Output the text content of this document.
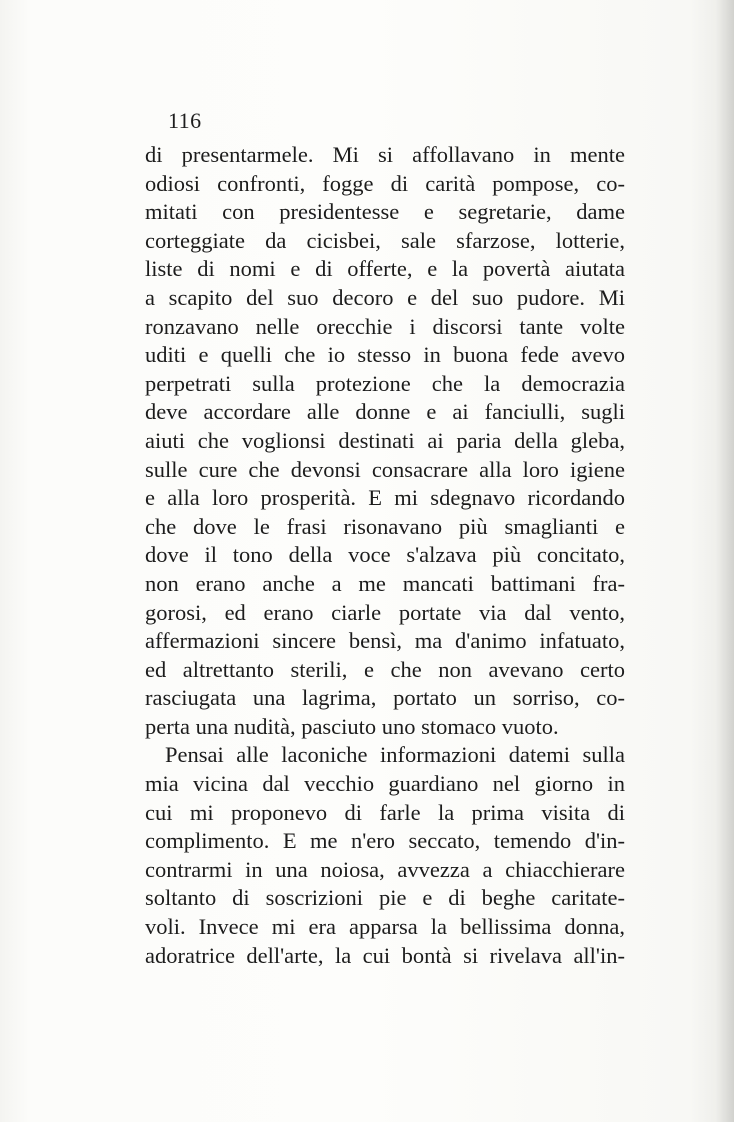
116
di presentarmele. Mi si affollavano in mente
odiosi confronti, fogge di carità pompose, co-
mitati con presidentesse e segretarie, dame
corteggiate da cicisbei, sale sfarzose, lotterie,
liste di nomi e di offerte, e la povertà aiutata
a scapito del suo decoro e del suo pudore. Mi
ronzavano nelle orecchie i discorsi tante volte
uditi e quelli che io stesso in buona fede avevo
perpetrati sulla protezione che la democrazia
deve accordare alle donne e ai fanciulli, sugli
aiuti che voglionsi destinati ai paria della gleba,
sulle cure che devonsi consacrare alla loro igiene
e alla loro prosperità. E mi sdegnavo ricordando
che dove le frasi risonavano più smaglianti e
dove il tono della voce s'alzava più concitato,
non erano anche a me mancati battimani fra-
gorosi, ed erano ciarle portate via dal vento,
affermazioni sincere bensì, ma d'animo infatuato,
ed altrettanto sterili, e che non avevano certo
rasciugata una lagrima, portato un sorriso, co-
perta una nudità, pasciuto uno stomaco vuoto.
Pensai alle laconiche informazioni datemi sulla
mia vicina dal vecchio guardiano nel giorno in
cui mi proponevo di farle la prima visita di
complimento. E me n'ero seccato, temendo d'in-
contrarmi in una noiosa, avvezza a chiacchierare
soltanto di soscrizioni pie e di beghe caritate-
voli. Invece mi era apparsa la bellissima donna,
adoratrice dell'arte, la cui bontà si rivelava all'in-
